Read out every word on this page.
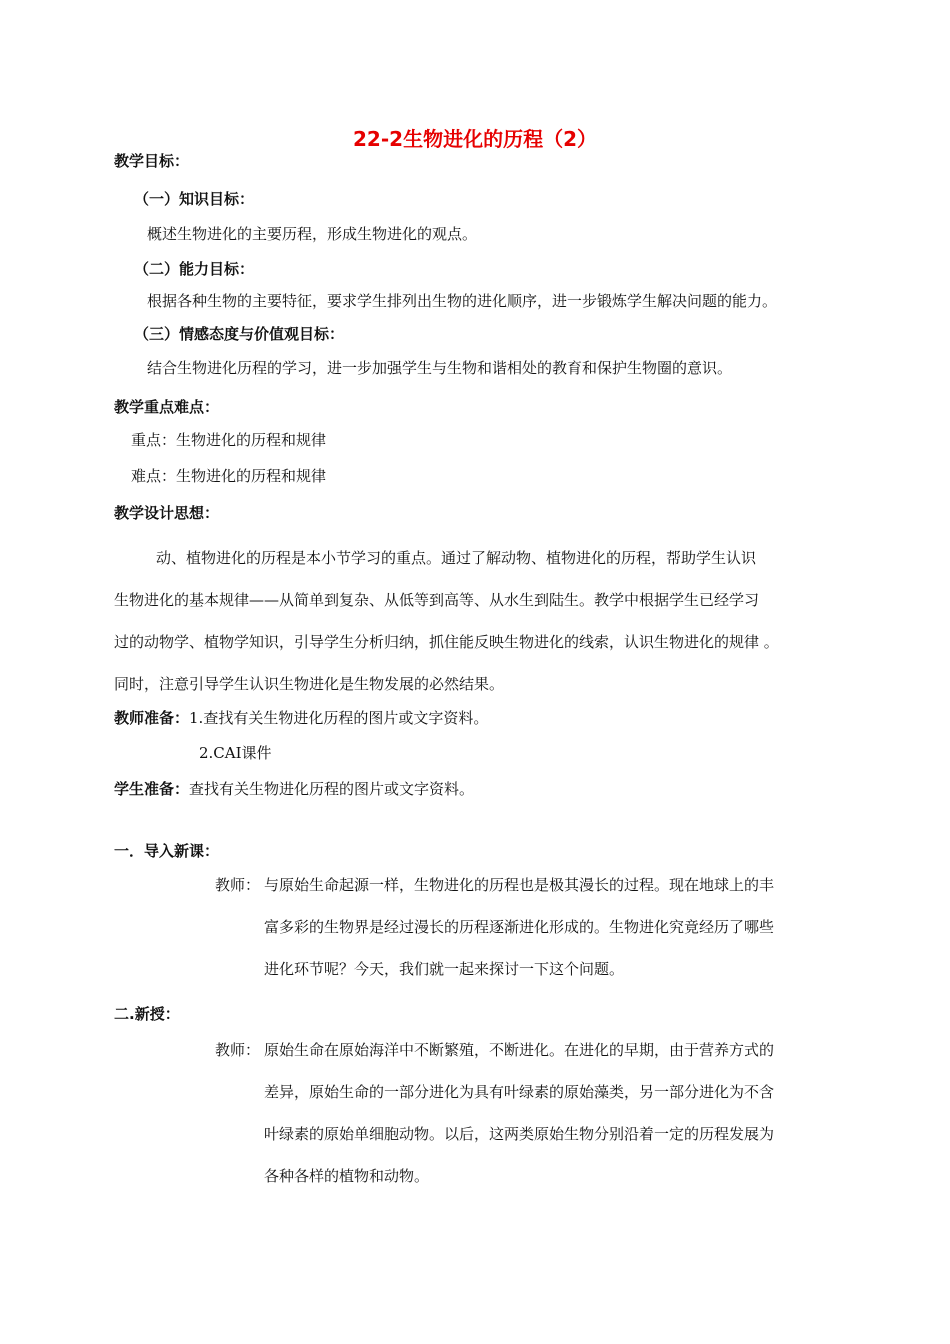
22-2生物进化的历程（2）
教学目标：
（一）知识目标：
概述生物进化的主要历程，形成生物进化的观点。
（二）能力目标：
根据各种生物的主要特征，要求学生排列出生物的进化顺序，进一步锻炼学生解决问题的能力。
（三）情感态度与价值观目标：
结合生物进化历程的学习，进一步加强学生与生物和谐相处的教育和保护生物圈的意识。
教学重点难点：
重点：生物进化的历程和规律
难点：生物进化的历程和规律
教学设计思想：

动、植物进化的历程是本小节学习的重点。通过了解动物、植物进化的历程，帮助学生认识

生物进化的基本规律——从简单到复杂、从低等到高等、从水生到陆生。教学中根据学生已经学习

过的动物学、植物学知识，引导学生分析归纳，抓住能反映生物进化的线索，认识生物进化的规律 。

同时，注意引导学生认识生物进化是生物发展的必然结果。

教师准备：1.查找有关生物进化历程的图片或文字资料。
2.CAI课件
学生准备：查找有关生物进化历程的图片或文字资料。
一．导入新课：
教师： 与原始生命起源一样，生物进化的历程也是极其漫长的过程。现在地球上的丰

富多彩的生物界是经过漫长的历程逐渐进化形成的。生物进化究竟经历了哪些

进化环节呢？今天，我们就一起来探讨一下这个问题。

二.新授：
教师： 原始生命在原始海洋中不断繁殖，不断进化。在进化的早期，由于营养方式的

差异，原始生命的一部分进化为具有叶绿素的原始藻类，另一部分进化为不含

叶绿素的原始单细胞动物。以后，这两类原始生物分别沿着一定的历程发展为

各种各样的植物和动物。
